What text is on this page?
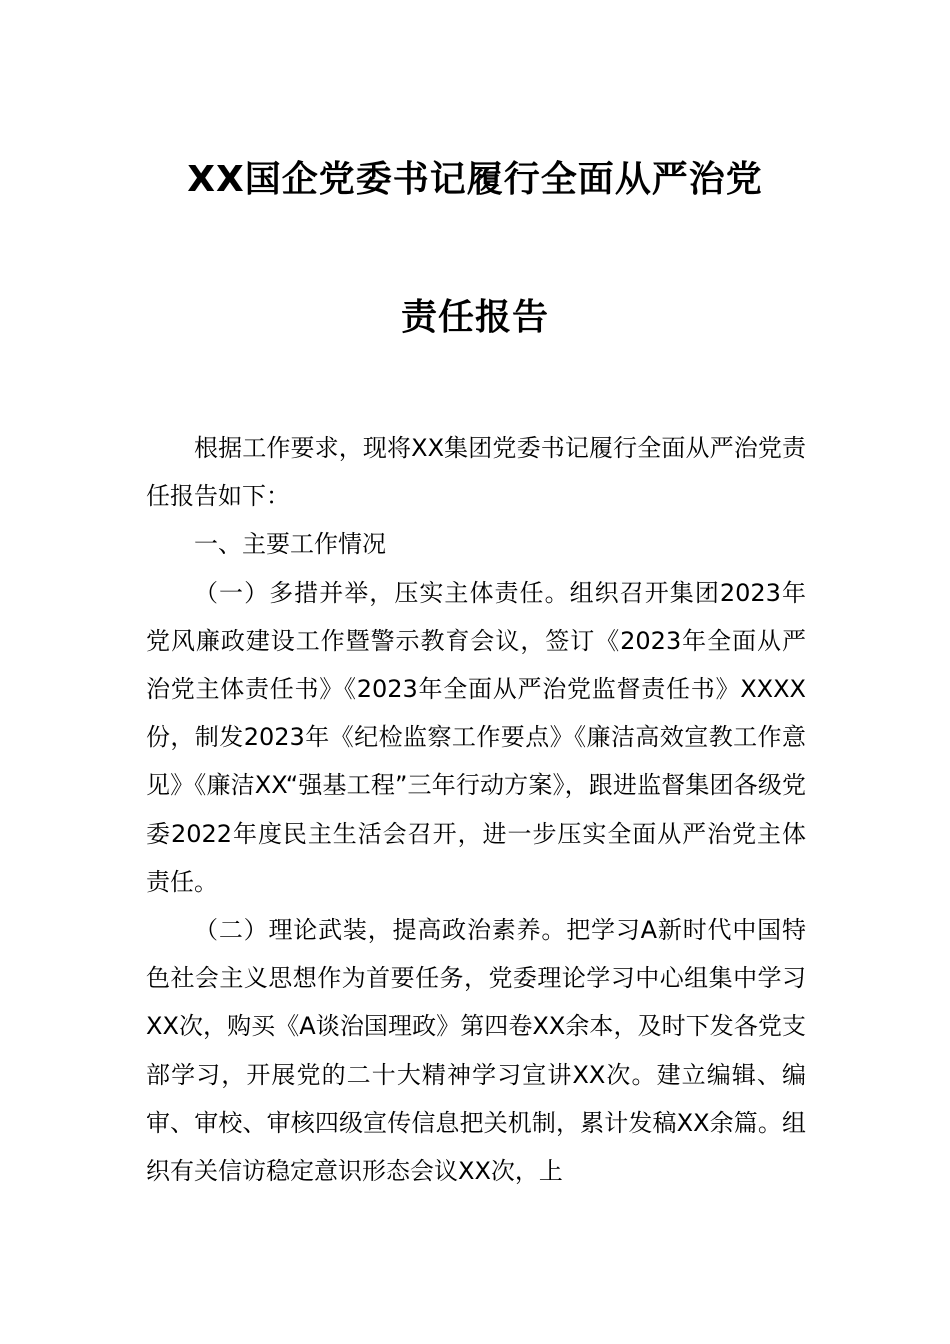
XX国企党委书记履行全面从严治党
责任报告

根据工作要求，现将XX集团党委书记履行全面从严治党责任报告如下：

一、主要工作情况

（一）多措并举，压实主体责任。组织召开集团2023年党风廉政建设工作暨警示教育会议，签订《2023年全面从严治党主体责任书》《2023年全面从严治党监督责任书》XXXX份，制发2023年《纪检监察工作要点》《廉洁高效宣教工作意见》《廉洁XX“强基工程”三年行动方案》，跟进监督集团各级党委2022年度民主生活会召开，进一步压实全面从严治党主体责任。

（二）理论武装，提高政治素养。把学习A新时代中国特色社会主义思想作为首要任务，党委理论学习中心组集中学习XX次，购买《A谈治国理政》第四卷XX余本，及时下发各党支部学习，开展党的二十大精神学习宣讲XX次。建立编辑、编审、审校、审核四级宣传信息把关机制，累计发稿XX余篇。组织有关信访稳定意识形态会议XX次，上
